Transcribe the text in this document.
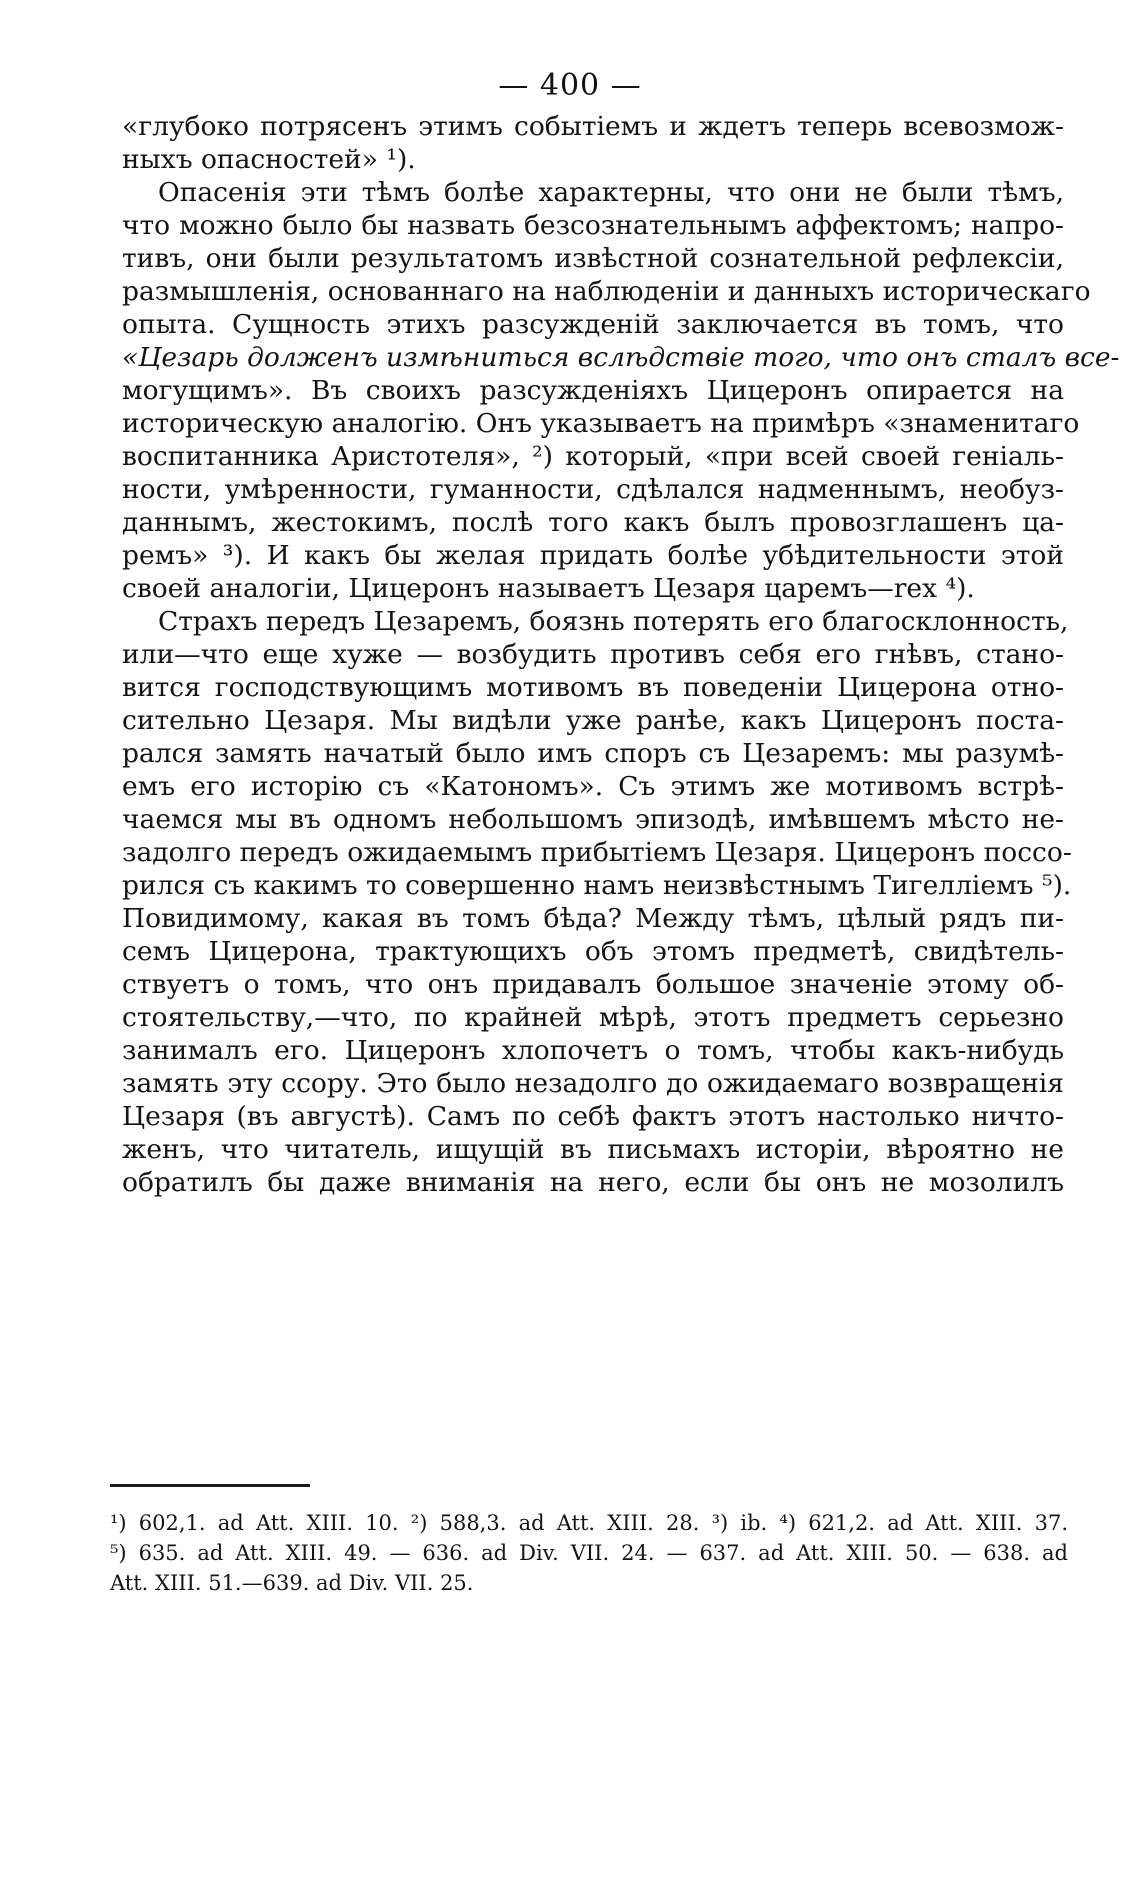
— 400 —
«глубоко потрясенъ этимъ событіемъ и ждетъ теперь всевозмож-
ныхъ опасностей» ¹).
Опасенія эти тѣмъ болѣе характерны, что они не были тѣмъ,
что можно было бы назвать безсознательнымъ аффектомъ; напро-
тивъ, они были результатомъ извѣстной сознательной рефлексіи,
размышленія, основаннаго на наблюденіи и данныхъ историческаго
опыта. Сущность этихъ разсужденій заключается въ томъ, что
«Цезарь долженъ измѣниться вслѣдствіе того, что онъ сталъ все-
могущимъ». Въ своихъ разсужденіяхъ Цицеронъ опирается на
историческую аналогію. Онъ указываетъ на примѣръ «знаменитаго
воспитанника Аристотеля», ²) который, «при всей своей геніаль-
ности, умѣренности, гуманности, сдѣлался надменнымъ, необуз-
даннымъ, жестокимъ, послѣ того какъ былъ провозглашенъ ца-
ремъ» ³). И какъ бы желая придать болѣе убѣдительности этой
своей аналогіи, Цицеронъ называетъ Цезаря царемъ—rex ⁴).
Страхъ передъ Цезаремъ, боязнь потерять его благосклонность,
или—что еще хуже — возбудить противъ себя его гнѣвъ, стано-
вится господствующимъ мотивомъ въ поведеніи Цицерона отно-
сительно Цезаря. Мы видѣли уже ранѣе, какъ Цицеронъ поста-
рался замять начатый было имъ споръ съ Цезаремъ: мы разумѣ-
емъ его исторію съ «Катономъ». Съ этимъ же мотивомъ встрѣ-
чаемся мы въ одномъ небольшомъ эпизодѣ, имѣвшемъ мѣсто не-
задолго передъ ожидаемымъ прибытіемъ Цезаря. Цицеронъ поссо-
рился съ какимъ то совершенно намъ неизвѣстнымъ Тигелліемъ ⁵).
Повидимому, какая въ томъ бѣда? Между тѣмъ, цѣлый рядъ пи-
семъ Цицерона, трактующихъ объ этомъ предметѣ, свидѣтель-
ствуетъ о томъ, что онъ придавалъ большое значеніе этому об-
стоятельству,—что, по крайней мѣрѣ, этотъ предметъ серьезно
занималъ его. Цицеронъ хлопочетъ о томъ, чтобы какъ-нибудь
замять эту ссору. Это было незадолго до ожидаемаго возвращенія
Цезаря (въ августѣ). Самъ по себѣ фактъ этотъ настолько ничто-
женъ, что читатель, ищущій въ письмахъ исторіи, вѣроятно не
обратилъ бы даже вниманія на него, если бы онъ не мозолилъ
¹) 602,1. ad Att. XIII. 10. ²) 588,3. ad Att. XIII. 28. ³) ib. ⁴) 621,2. ad Att. XIII. 37.
⁵) 635. ad Att. XIII. 49. — 636. ad Div. VII. 24. — 637. ad Att. XIII. 50. — 638. ad
Att. XIII. 51.—639. ad Div. VII. 25.
